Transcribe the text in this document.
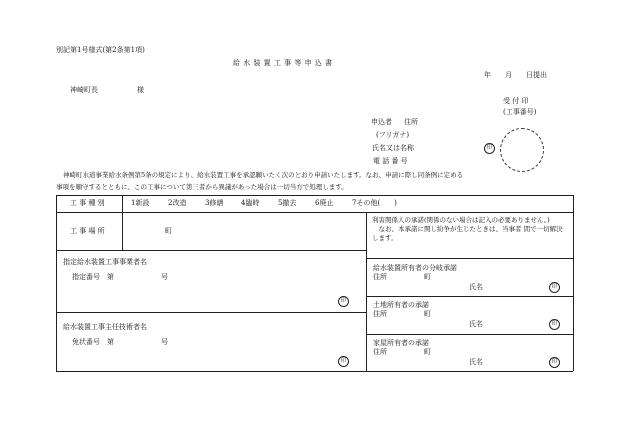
別記第1号様式(第2条第1項)
給 水 装 置 工 事 等 申 込 書
年　　月　　日提出
神崎町長	様
受 付 印
(工事番号)
申込者 住所
(フリガナ)
氏名又は名称
電 話 番 号
印
神崎町水道事業給水条例第5条の規定により、給水装置工事を承認願いたく次のとおり申請いたします。なお、申請に際し同条例に定める
事項を順守するとともに、この工事について第三者から異議があった場合は一切当方で処理します。
工 事 種 別	1新設	2改造	3修繕	4臨時	5撤去	6廃止	7その他(　　)
工 事 場 所	町
利害関係人の承諾(関係のない場合は記入の必要ありません。)
　なお、本承諾に関し紛争が生じたときは、当事者 間で一切解決します。
指定給水装置工事事業者名
指定番号　第	号
印
給水装置工事主任技術者名
免状番号　第	号
印
給水装置所有者の分岐承諾
住所	町
氏名	印
土地所有者の承諾
住所	町
氏名	印
家屋所有者の承諾
住所	町
氏名	印
